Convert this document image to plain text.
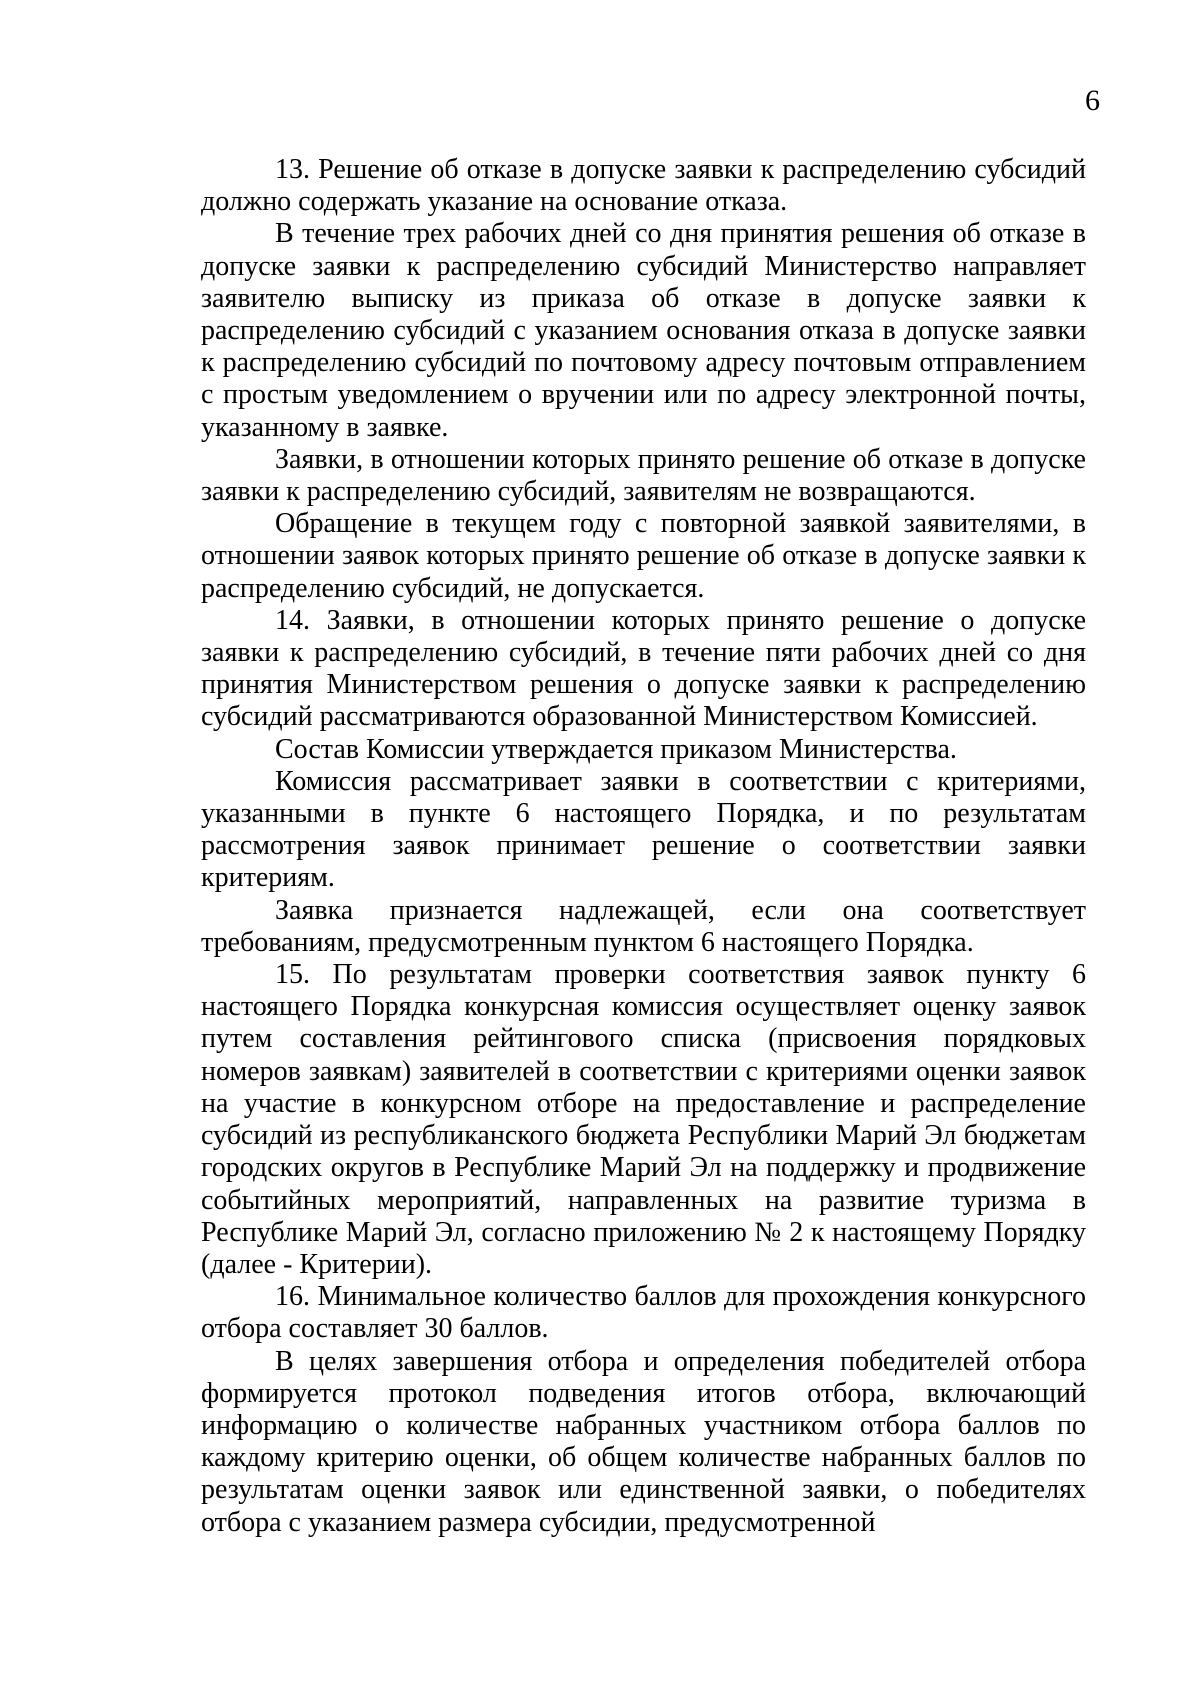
6

13. Решение об отказе в допуске заявки к распределению субсидий должно содержать указание на основание отказа.

В течение трех рабочих дней со дня принятия решения об отказе в допуске заявки к распределению субсидий Министерство направляет заявителю выписку из приказа об отказе в допуске заявки к распределению субсидий с указанием основания отказа в допуске заявки к распределению субсидий по почтовому адресу почтовым отправлением с простым уведомлением о вручении или по адресу электронной почты, указанному в заявке.

Заявки, в отношении которых принято решение об отказе в допуске заявки к распределению субсидий, заявителям не возвращаются.

Обращение в текущем году с повторной заявкой заявителями, в отношении заявок которых принято решение об отказе в допуске заявки к распределению субсидий, не допускается.

14. Заявки, в отношении которых принято решение о допуске заявки к распределению субсидий, в течение пяти рабочих дней со дня принятия Министерством решения о допуске заявки к распределению субсидий рассматриваются образованной Министерством Комиссией.

Состав Комиссии утверждается приказом Министерства.

Комиссия рассматривает заявки в соответствии с критериями, указанными в пункте 6 настоящего Порядка, и по результатам рассмотрения заявок принимает решение о соответствии заявки критериям.

Заявка признается надлежащей, если она соответствует требованиям, предусмотренным пунктом 6 настоящего Порядка.

15. По результатам проверки соответствия заявок пункту 6 настоящего Порядка конкурсная комиссия осуществляет оценку заявок путем составления рейтингового списка (присвоения порядковых номеров заявкам) заявителей в соответствии с критериями оценки заявок на участие в конкурсном отборе на предоставление и распределение субсидий из республиканского бюджета Республики Марий Эл бюджетам городских округов в Республике Марий Эл на поддержку и продвижение событийных мероприятий, направленных на развитие туризма в Республике Марий Эл, согласно приложению № 2 к настоящему Порядку (далее - Критерии).

16. Минимальное количество баллов для прохождения конкурсного отбора составляет 30 баллов.

В целях завершения отбора и определения победителей отбора формируется протокол подведения итогов отбора, включающий информацию о количестве набранных участником отбора баллов по каждому критерию оценки, об общем количестве набранных баллов по результатам оценки заявок или единственной заявки, о победителях отбора с указанием размера субсидии, предусмотренной
